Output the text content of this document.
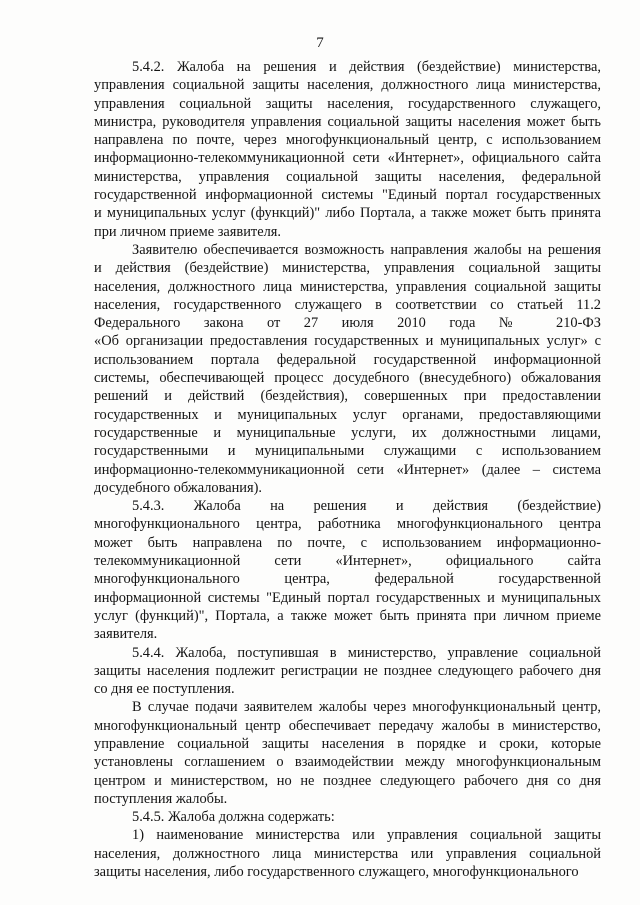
7
5.4.2. Жалоба на решения и действия (бездействие) министерства,
управления социальной защиты населения, должностного лица министерства,
управления социальной защиты населения, государственного служащего,
министра, руководителя управления социальной защиты населения может быть
направлена по почте, через многофункциональный центр, с использованием
информационно-телекоммуникационной сети «Интернет», официального сайта
министерства, управления социальной защиты населения, федеральной
государственной информационной системы "Единый портал государственных
и муниципальных услуг (функций)" либо Портала, а также может быть принята
при личном приеме заявителя.
Заявителю обеспечивается возможность направления жалобы на решения
и действия (бездействие) министерства, управления социальной защиты
населения, должностного лица министерства, управления социальной защиты
населения, государственного служащего в соответствии со статьей 11.2
Федерального закона от 27 июля 2010 года № 210-ФЗ
«Об организации предоставления государственных и муниципальных услуг» с
использованием портала федеральной государственной информационной
системы, обеспечивающей процесс досудебного (внесудебного) обжалования
решений и действий (бездействия), совершенных при предоставлении
государственных и муниципальных услуг органами, предоставляющими
государственные и муниципальные услуги, их должностными лицами,
государственными и муниципальными служащими с использованием
информационно-телекоммуникационной сети «Интернет» (далее – система
досудебного обжалования).
5.4.3. Жалоба на решения и действия (бездействие)
многофункционального центра, работника многофункционального центра
может быть направлена по почте, с использованием информационно-
телекоммуникационной сети «Интернет», официального сайта
многофункционального центра, федеральной государственной
информационной системы "Единый портал государственных и муниципальных
услуг (функций)", Портала, а также может быть принята при личном приеме
заявителя.
5.4.4. Жалоба, поступившая в министерство, управление социальной
защиты населения подлежит регистрации не позднее следующего рабочего дня
со дня ее поступления.
В случае подачи заявителем жалобы через многофункциональный центр,
многофункциональный центр обеспечивает передачу жалобы в министерство,
управление социальной защиты населения в порядке и сроки, которые
установлены соглашением о взаимодействии между многофункциональным
центром и министерством, но не позднее следующего рабочего дня со дня
поступления жалобы.
5.4.5. Жалоба должна содержать:
1) наименование министерства или управления социальной защиты
населения, должностного лица министерства или управления социальной
защиты населения, либо государственного служащего, многофункционального
